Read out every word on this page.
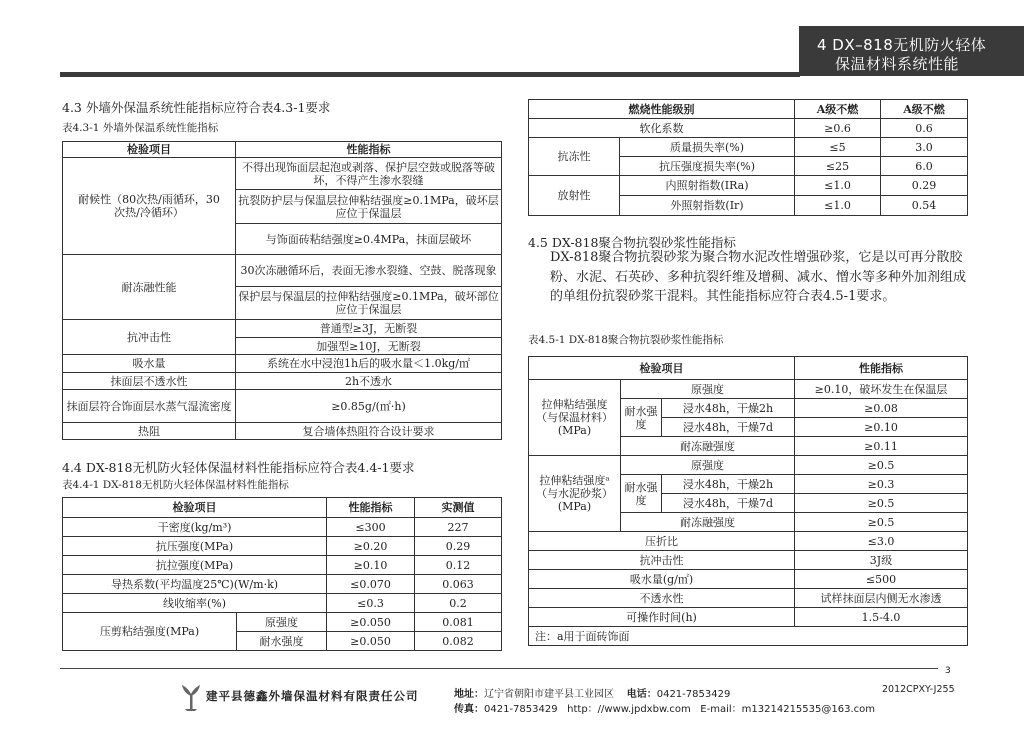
4 DX–818无机防火轻体
保温材料系统性能
4.3 外墙外保温系统性能指标应符合表4.3-1要求
表4.3-1 外墙外保温系统性能指标
检验项目	性能指标
耐候性（80次热/雨循环，30次热/冷循环）	不得出现饰面层起泡或剥落、保护层空鼓或脱落等破坏，不得产生渗水裂缝
	抗裂防护层与保温层拉伸粘结强度≥0.1MPa，破坏层应位于保温层
	与饰面砖粘结强度≥0.4MPa，抹面层破坏
耐冻融性能	30次冻融循环后，表面无渗水裂缝、空鼓、脱落现象
	保护层与保温层的拉伸粘结强度≥0.1MPa，破坏部位应位于保温层
抗冲击性	普通型≥3J，无断裂
	加强型≥10J，无断裂
吸水量	系统在水中浸泡1h后的吸水量＜1.0kg/㎡
抹面层不透水性	2h不透水
抹面层符合饰面层水蒸气湿流密度	≥0.85g/(㎡·h)
热阻	复合墙体热阻符合设计要求
4.4 DX-818无机防火轻体保温材料性能指标应符合表4.4-1要求
表4.4-1 DX-818无机防火轻体保温材料性能指标
检验项目		性能指标	实测值
干密度(kg/m³)		≤300	227
抗压强度(MPa)		≥0.20	0.29
抗拉强度(MPa)		≥0.10	0.12
导热系数(平均温度25℃)(W/m·k)		≤0.070	0.063
线收缩率(%)		≤0.3	0.2
压剪粘结强度(MPa)	原强度	≥0.050	0.081
	耐水强度	≥0.050	0.082
燃烧性能级别		A级不燃	A级不燃
软化系数		≥0.6	0.6
抗冻性	质量损失率(%)	≤5	3.0
	抗压强度损失率(%)	≤25	6.0
放射性	内照射指数(IRa)	≤1.0	0.29
	外照射指数(Ir)	≤1.0	0.54
4.5 DX-818聚合物抗裂砂浆性能指标
DX-818聚合物抗裂砂浆为聚合物水泥改性增强砂浆，它是以可再分散胶粉、水泥、石英砂、多种抗裂纤维及增稠、减水、憎水等多种外加剂组成的单组份抗裂砂浆干混料。其性能指标应符合表4.5-1要求。
表4.5-1 DX-818聚合物抗裂砂浆性能指标
检验项目			性能指标
拉伸粘结强度（与保温材料）(MPa)	原强度		≥0.10，破坏发生在保温层
	耐水强度	浸水48h，干燥2h	≥0.08
		浸水48h，干燥7d	≥0.10
	耐冻融强度		≥0.11
拉伸粘结强度ᵃ（与水泥砂浆）(MPa)	原强度		≥0.5
	耐水强度	浸水48h，干燥2h	≥0.3
		浸水48h，干燥7d	≥0.5
	耐冻融强度		≥0.5
压折比			≤3.0
抗冲击性			3J级
吸水量(g/㎡)			≤500
不透水性			试样抹面层内侧无水渗透
可操作时间(h)			1.5-4.0
注：a用于面砖饰面			
3
2012CPXY-J255
建平县德鑫外墙保温材料有限责任公司	地址：辽宁省朝阳市建平县工业园区 电话：0421-7853429
传真：0421-7853429 http：//www.jpdxbw.com E-mail：m13214215535@163.com
